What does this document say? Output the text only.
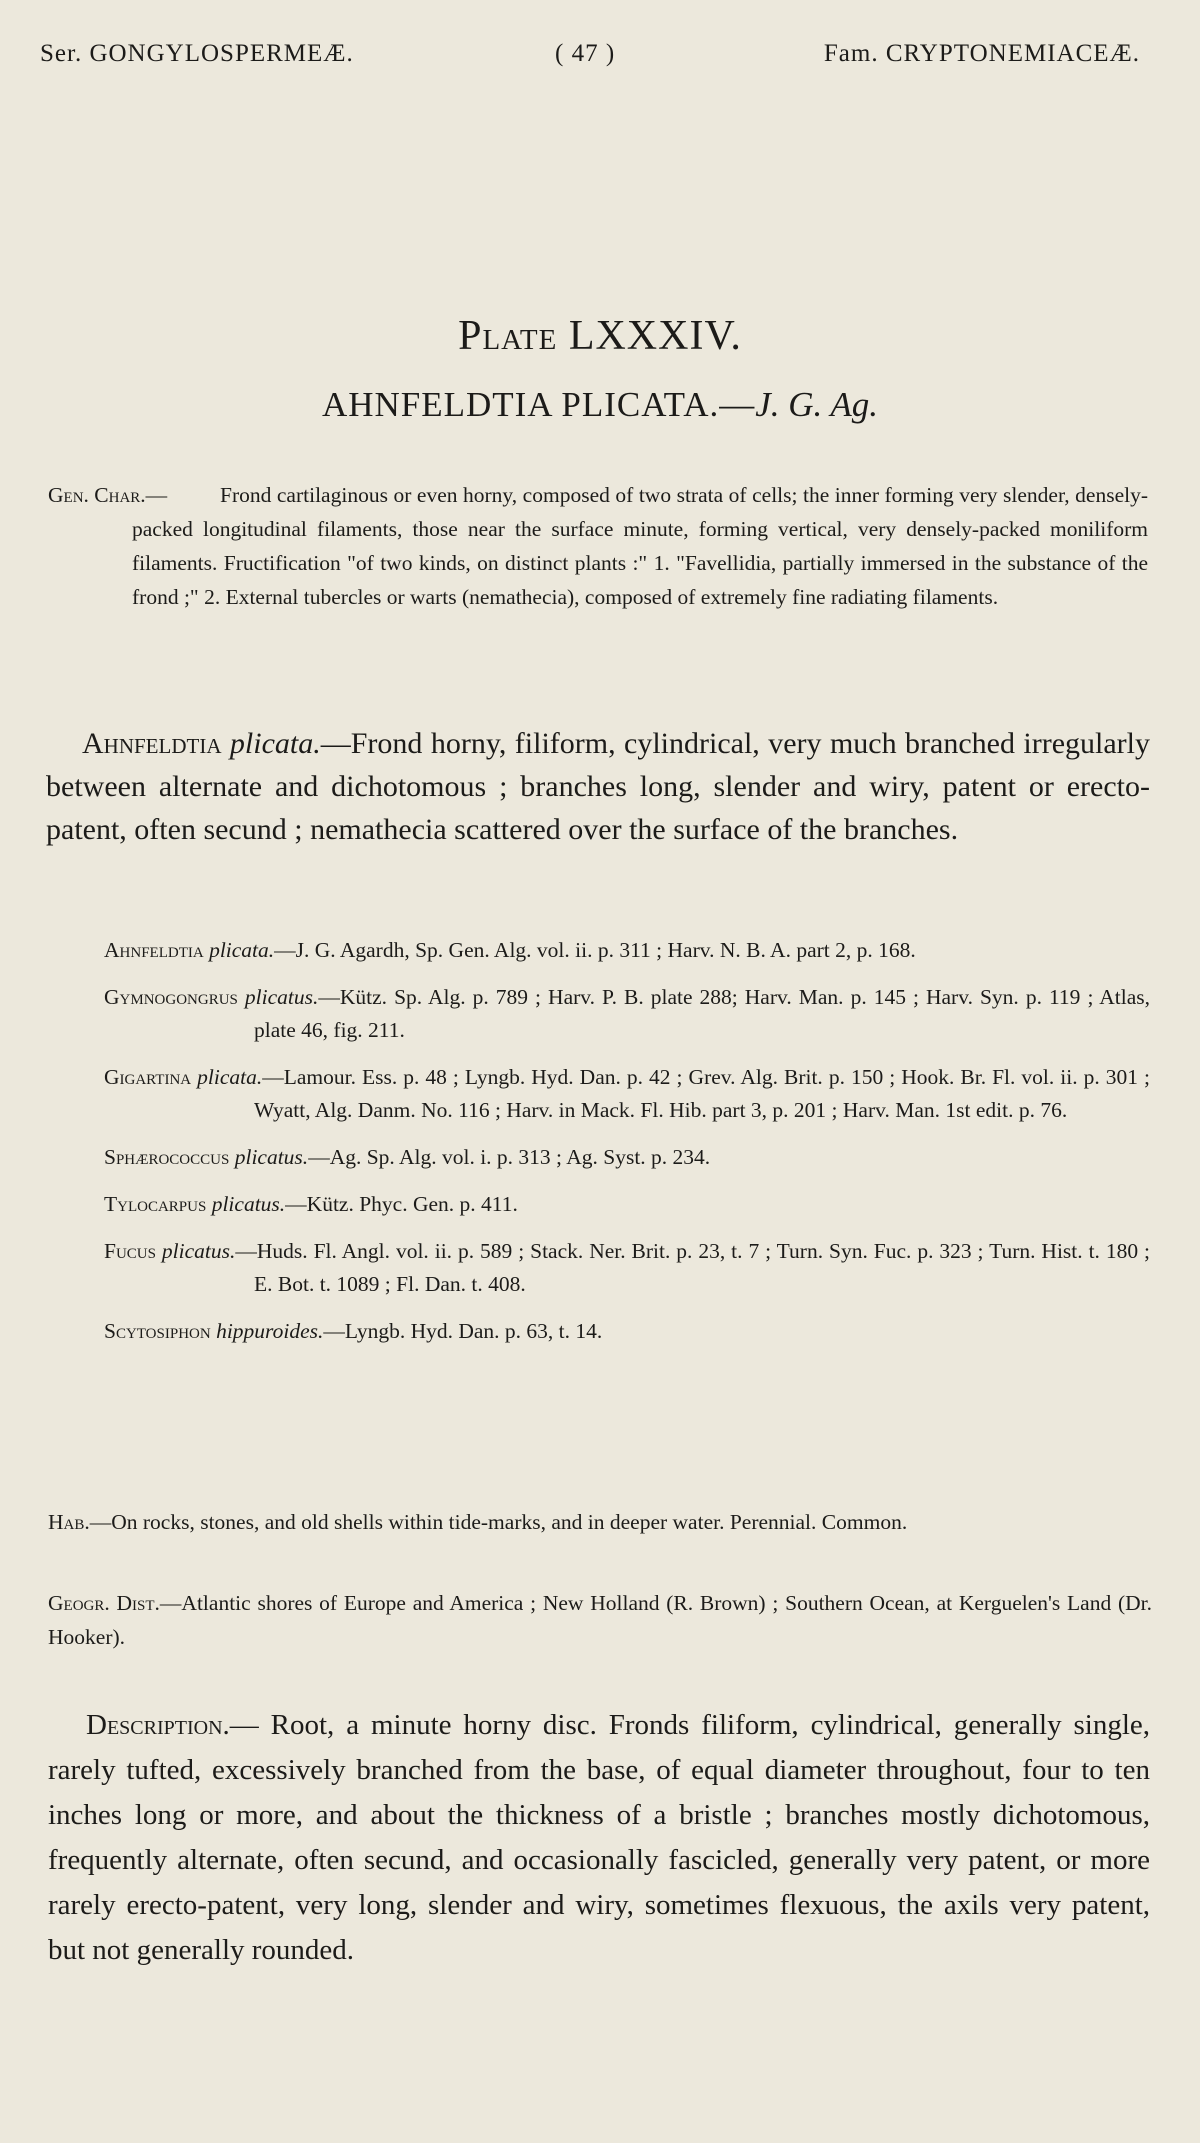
Ser. GONGYLOSPERMEÆ.	( 47 )	Fam. CRYPTONEMIACEÆ.
Plate LXXXIV.
AHNFELDTIA PLICATA.—J. G. Ag.

Gen. Char.—	Frond cartilaginous or even horny, composed of two strata of cells; the inner forming very slender, densely-packed longitudinal filaments, those near the surface minute, forming vertical, very densely-packed moniliform filaments. Fructification "of two kinds, on distinct plants :" 1. "Favellidia, partially immersed in the substance of the frond ;" 2. External tubercles or warts (nemathecia), composed of extremely fine radiating filaments.

Ahnfeldtia plicata.—Frond horny, filiform, cylindrical, very much branched irregularly between alternate and dichotomous ; branches long, slender and wiry, patent or erecto-patent, often secund ; nemathecia scattered over the surface of the branches.

Ahnfeldtia plicata.—J. G. Agardh, Sp. Gen. Alg. vol. ii. p. 311 ; Harv. N. B. A. part 2, p. 168.
Gymnogongrus plicatus.—Kütz. Sp. Alg. p. 789 ; Harv. P. B. plate 288; Harv. Man. p. 145 ; Harv. Syn. p. 119 ; Atlas, plate 46, fig. 211.
Gigartina plicata.—Lamour. Ess. p. 48 ; Lyngb. Hyd. Dan. p. 42 ; Grev. Alg. Brit. p. 150 ; Hook. Br. Fl. vol. ii. p. 301 ; Wyatt, Alg. Danm. No. 116 ; Harv. in Mack. Fl. Hib. part 3, p. 201 ; Harv. Man. 1st edit. p. 76.
Sphærococcus plicatus.—Ag. Sp. Alg. vol. i. p. 313 ; Ag. Syst. p. 234.
Tylocarpus plicatus.—Kütz. Phyc. Gen. p. 411.
Fucus plicatus.—Huds. Fl. Angl. vol. ii. p. 589 ; Stack. Ner. Brit. p. 23, t. 7 ; Turn. Syn. Fuc. p. 323 ; Turn. Hist. t. 180 ; E. Bot. t. 1089 ; Fl. Dan. t. 408.
Scytosiphon hippuroides.—Lyngb. Hyd. Dan. p. 63, t. 14.

Hab.—On rocks, stones, and old shells within tide-marks, and in deeper water. Perennial. Common.

Geogr. Dist.—Atlantic shores of Europe and America ; New Holland (R. Brown) ; Southern Ocean, at Kerguelen's Land (Dr. Hooker).

Description.— Root, a minute horny disc. Fronds filiform, cylindrical, generally single, rarely tufted, excessively branched from the base, of equal diameter throughout, four to ten inches long or more, and about the thickness of a bristle ; branches mostly dichotomous, frequently alternate, often secund, and occasionally fascicled, generally very patent, or more rarely erecto-patent, very long, slender and wiry, sometimes flexuous, the axils very patent, but not generally rounded.
